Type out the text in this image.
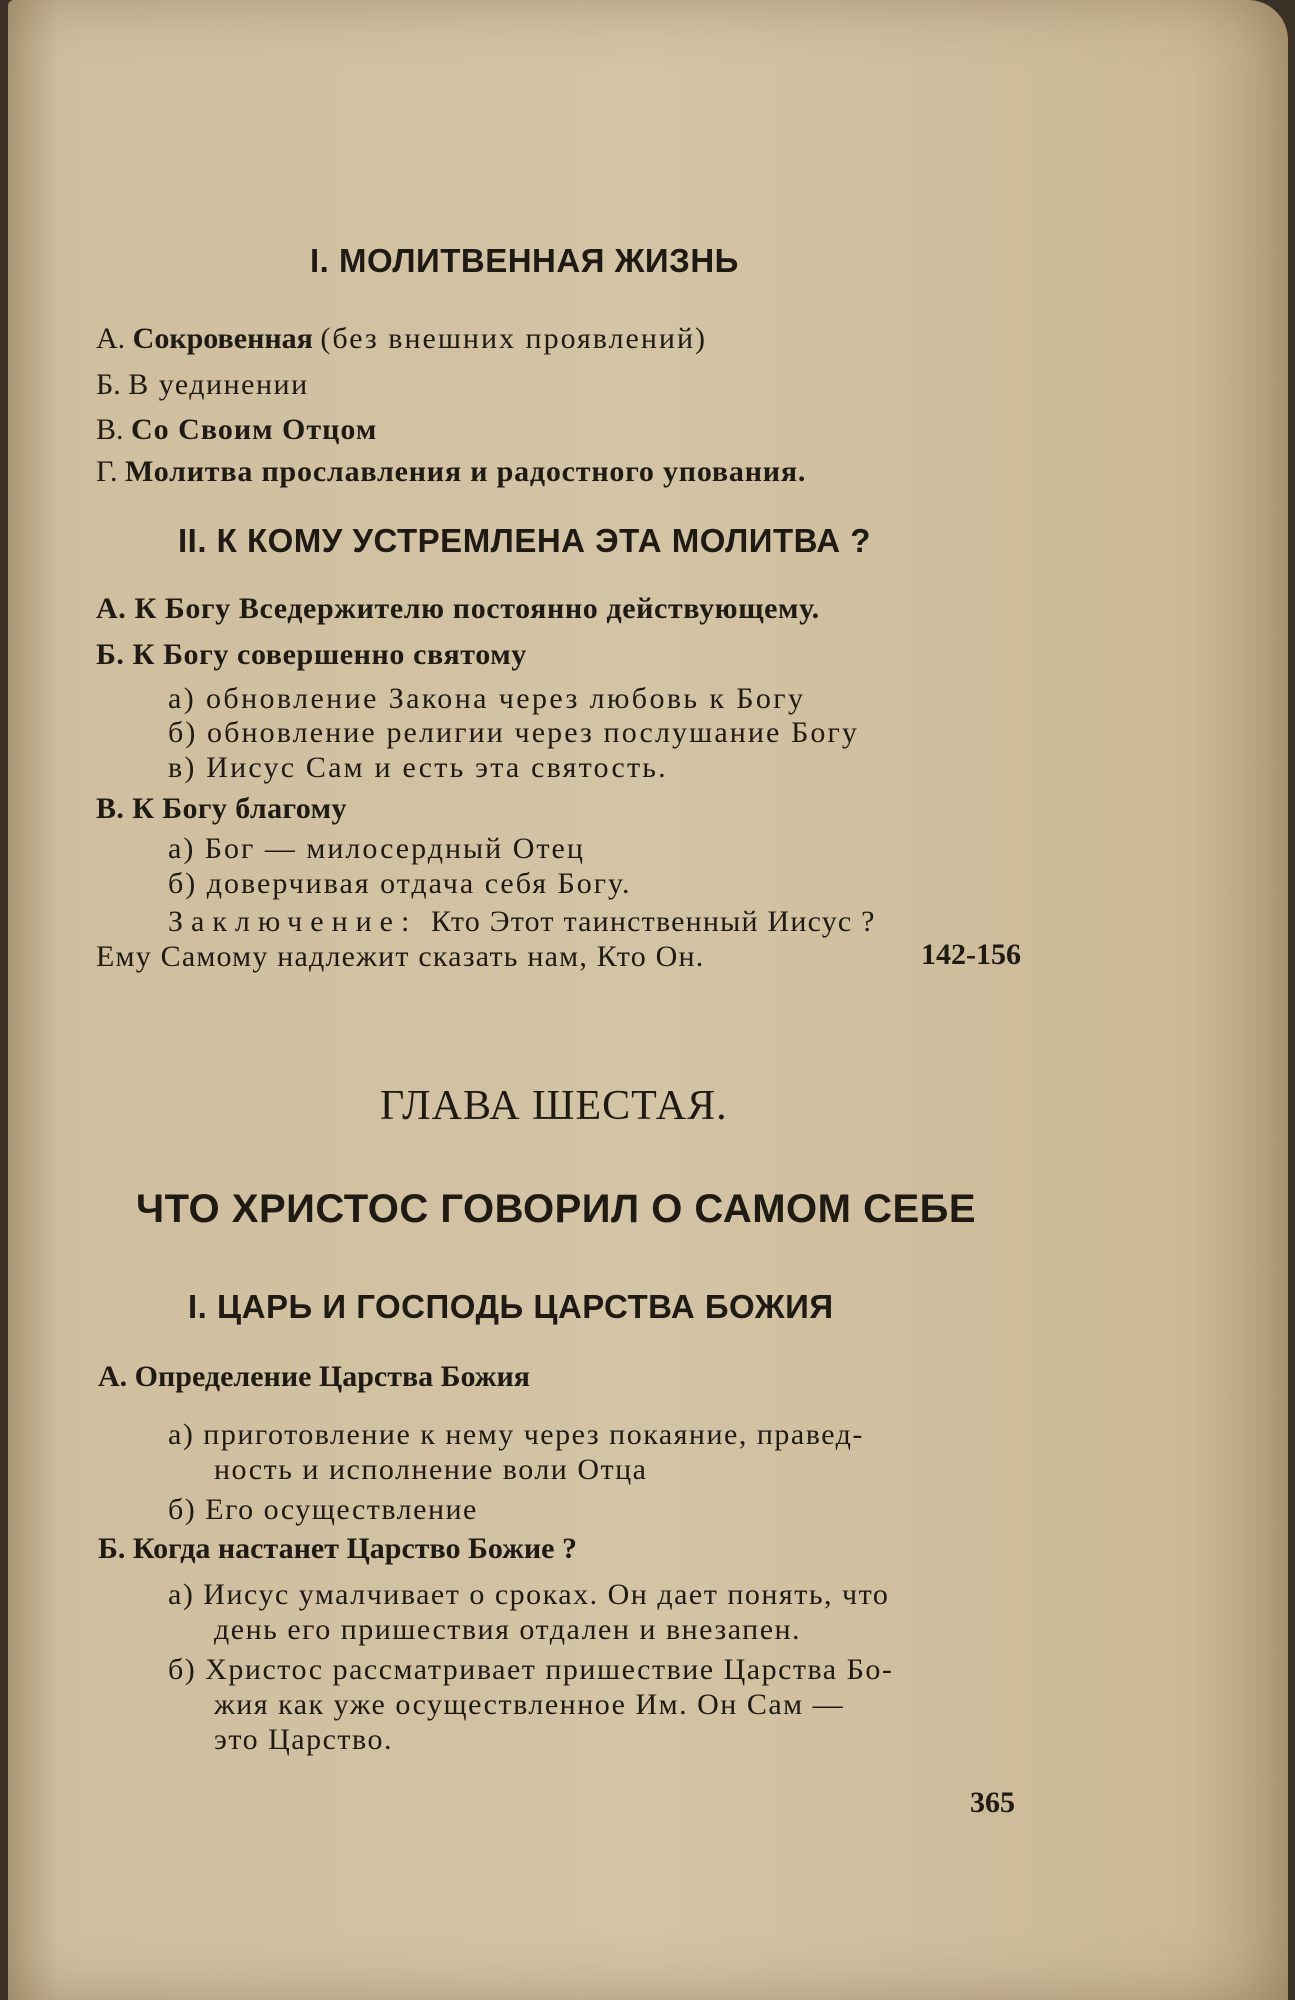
I. МОЛИТВЕННАЯ ЖИЗНЬ
А. Сокровенная (без внешних проявлений)
Б. В уединении
В. Со Своим Отцом
Г. Молитва прославления и радостного упования.
II. К КОМУ УСТРЕМЛЕНА ЭТА МОЛИТВА ?
А. К Богу Вседержителю постоянно действующему.
Б. К Богу совершенно святому
а) обновление Закона через любовь к Богу
б) обновление религии через послушание Богу
в) Иисус Сам и есть эта святость.
В. К Богу благому
а) Бог — милосердный Отец
б) доверчивая отдача себя Богу.
Заключение: Кто Этот таинственный Иисус ?
Ему Самому надлежит сказать нам, Кто Он.	142-156
ГЛАВА ШЕСТАЯ.
ЧТО ХРИСТОС ГОВОРИЛ О САМОМ СЕБЕ
I. ЦАРЬ И ГОСПОДЬ ЦАРСТВА БОЖИЯ
А. Определение Царства Божия
а) приготовление к нему через покаяние, правед-
ность и исполнение воли Отца
б) Его осуществление
Б. Когда настанет Царство Божие ?
а) Иисус умалчивает о сроках. Он дает понять, что
день его пришествия отдален и внезапен.
б) Христос рассматривает пришествие Царства Бо-
жия как уже осуществленное Им. Он Сам —
это Царство.
365
